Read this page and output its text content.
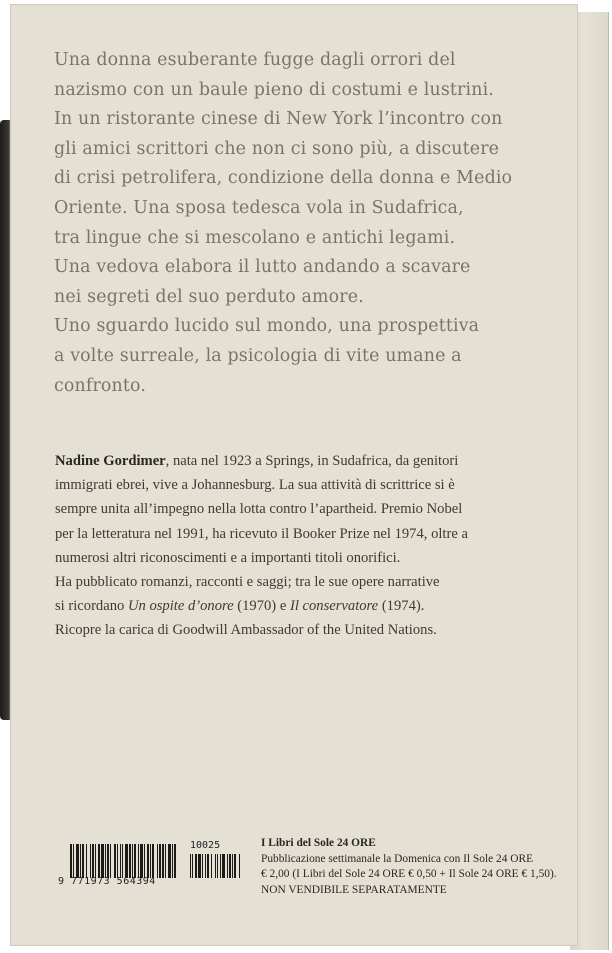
Una donna esuberante fugge dagli orrori del
nazismo con un baule pieno di costumi e lustrini.
In un ristorante cinese di New York l’incontro con
gli amici scrittori che non ci sono più, a discutere
di crisi petrolifera, condizione della donna e Medio
Oriente. Una sposa tedesca vola in Sudafrica,
tra lingue che si mescolano e antichi legami.
Una vedova elabora il lutto andando a scavare
nei segreti del suo perduto amore.
Uno sguardo lucido sul mondo, una prospettiva
a volte surreale, la psicologia di vite umane a
confronto.
Nadine Gordimer, nata nel 1923 a Springs, in Sudafrica, da genitori
immigrati ebrei, vive a Johannesburg. La sua attività di scrittrice si è
sempre unita all’impegno nella lotta contro l’apartheid. Premio Nobel
per la letteratura nel 1991, ha ricevuto il Booker Prize nel 1974, oltre a
numerosi altri riconoscimenti e a importanti titoli onorifici.
Ha pubblicato romanzi, racconti e saggi; tra le sue opere narrative
si ricordano Un ospite d’onore (1970) e Il conservatore (1974).
Ricopre la carica di Goodwill Ambassador of the United Nations.
9 771973 564394
10025	I Libri del Sole 24 ORE
Pubblicazione settimanale la Domenica con Il Sole 24 ORE
€ 2,00 (I Libri del Sole 24 ORE € 0,50 + Il Sole 24 ORE € 1,50).
NON VENDIBILE SEPARATAMENTE
